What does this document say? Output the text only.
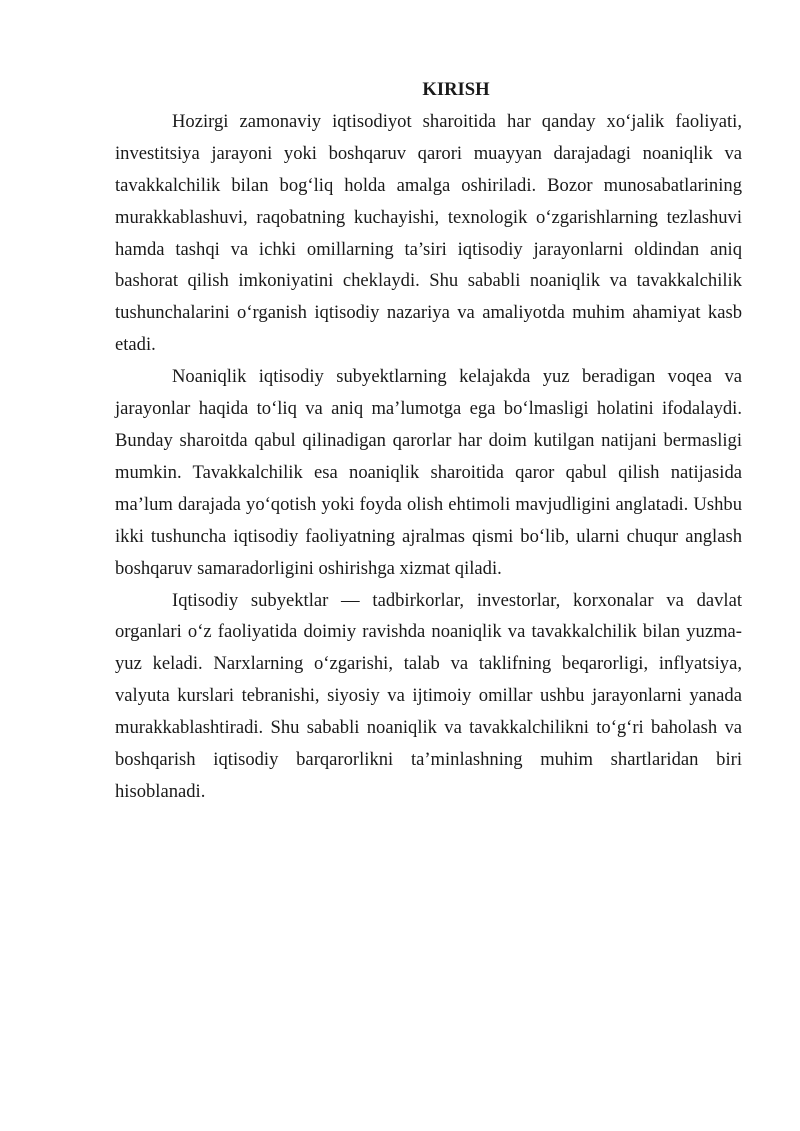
KIRISH

Hozirgi zamonaviy iqtisodiyot sharoitida har qanday xo‘jalik faoliyati, investitsiya jarayoni yoki boshqaruv qarori muayyan darajadagi noaniqlik va tavakkalchilik bilan bog‘liq holda amalga oshiriladi. Bozor munosabatlarining murakkablashuvi, raqobatning kuchayishi, texnologik o‘zgarishlarning tezlashuvi hamda tashqi va ichki omillarning ta’siri iqtisodiy jarayonlarni oldindan aniq bashorat qilish imkoniyatini cheklaydi. Shu sababli noaniqlik va tavakkalchilik tushunchalarini o‘rganish iqtisodiy nazariya va amaliyotda muhim ahamiyat kasb etadi.

Noaniqlik iqtisodiy subyektlarning kelajakda yuz beradigan voqea va jarayonlar haqida to‘liq va aniq ma’lumotga ega bo‘lmasligi holatini ifodalaydi. Bunday sharoitda qabul qilinadigan qarorlar har doim kutilgan natijani bermasligi mumkin. Tavakkalchilik esa noaniqlik sharoitida qaror qabul qilish natijasida ma’lum darajada yo‘qotish yoki foyda olish ehtimoli mavjudligini anglatadi. Ushbu ikki tushuncha iqtisodiy faoliyatning ajralmas qismi bo‘lib, ularni chuqur anglash boshqaruv samaradorligini oshirishga xizmat qiladi.

Iqtisodiy subyektlar — tadbirkorlar, investorlar, korxonalar va davlat organlari o‘z faoliyatida doimiy ravishda noaniqlik va tavakkalchilik bilan yuzma-yuz keladi. Narxlarning o‘zgarishi, talab va taklifning beqarorligi, inflyatsiya, valyuta kurslari tebranishi, siyosiy va ijtimoiy omillar ushbu jarayonlarni yanada murakkablashtiradi. Shu sababli noaniqlik va tavakkalchilikni to‘g‘ri baholash va boshqarish iqtisodiy barqarorlikni ta’minlashning muhim shartlaridan biri hisoblanadi.
